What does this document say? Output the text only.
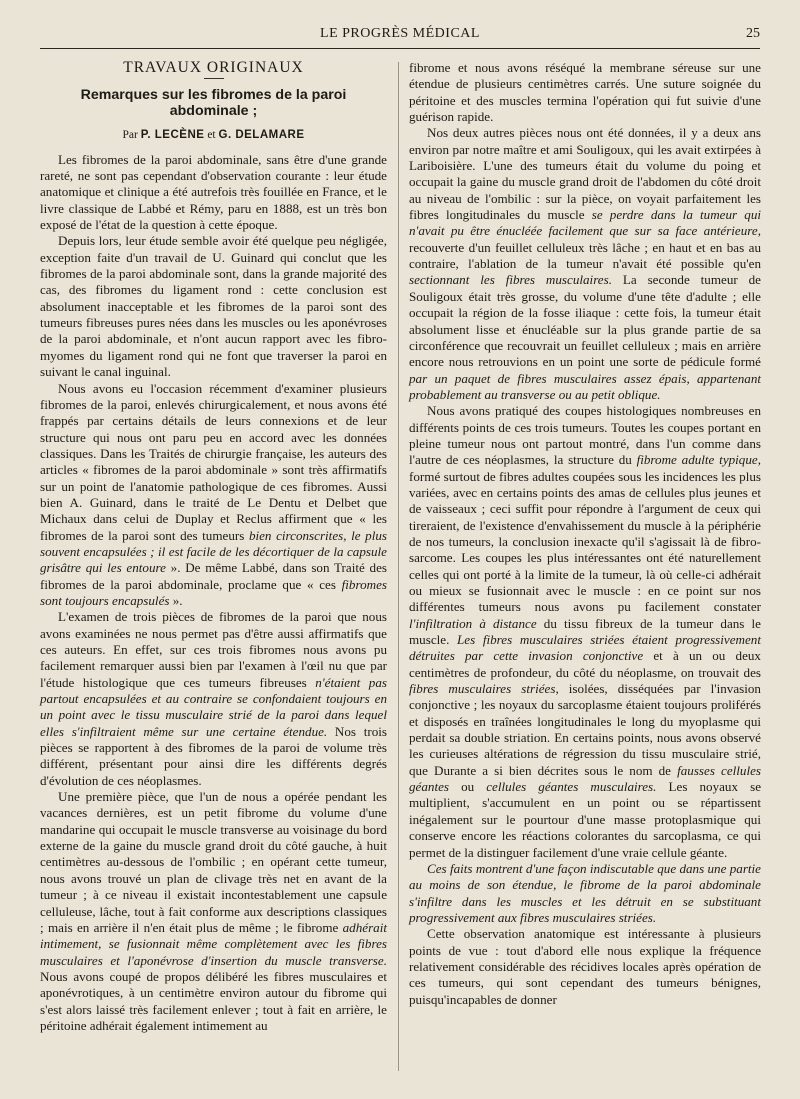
LE PROGRÈS MÉDICAL	25
TRAVAUX ORIGINAUX
Remarques sur les fibromes de la paroi
abdominale ;
Par P. LECÈNE et G. DELAMARE

Les fibromes de la paroi abdominale, sans être d'une grande rareté, ne sont pas cependant d'observation courante : leur étude anatomique et clinique a été autrefois très fouillée en France, et le livre classique de Labbé et Rémy, paru en 1888, est un très bon exposé de l'état de la question à cette époque.

Depuis lors, leur étude semble avoir été quelque peu négligée, exception faite d'un travail de U. Guinard qui conclut que les fibromes de la paroi abdominale sont, dans la grande majorité des cas, des fibromes du ligament rond : cette conclusion est absolument inacceptable et les fibromes de la paroi sont des tumeurs fibreuses pures nées dans les muscles ou les aponévroses de la paroi abdominale, et n'ont aucun rapport avec les fibro-myomes du ligament rond qui ne font que traverser la paroi en suivant le canal inguinal.

Nous avons eu l'occasion récemment d'examiner plusieurs fibromes de la paroi, enlevés chirurgicalement, et nous avons été frappés par certains détails de leurs connexions et de leur structure qui nous ont paru peu en accord avec les données classiques. Dans les Traités de chirurgie française, les auteurs des articles « fibromes de la paroi abdominale » sont très affirmatifs sur un point de l'anatomie pathologique de ces fibromes. Aussi bien A. Guinard, dans le traité de Le Dentu et Delbet que Michaux dans celui de Duplay et Reclus affirment que « les fibromes de la paroi sont des tumeurs bien circonscrites, le plus souvent encapsulées ; il est facile de les décortiquer de la capsule grisâtre qui les entoure ». De même Labbé, dans son Traité des fibromes de la paroi abdominale, proclame que « ces fibromes sont toujours encapsulés ».

L'examen de trois pièces de fibromes de la paroi que nous avons examinées ne nous permet pas d'être aussi affirmatifs que ces auteurs. En effet, sur ces trois fibromes nous avons pu facilement remarquer aussi bien par l'examen à l'œil nu que par l'étude histologique que ces tumeurs fibreuses n'étaient pas partout encapsulées et au contraire se confondaient toujours en un point avec le tissu musculaire strié de la paroi dans lequel elles s'infiltraient même sur une certaine étendue. Nos trois pièces se rapportent à des fibromes de la paroi de volume très différent, présentant pour ainsi dire les différents degrés d'évolution de ces néoplasmes.

Une première pièce, que l'un de nous a opérée pendant les vacances dernières, est un petit fibrome du volume d'une mandarine qui occupait le muscle transverse au voisinage du bord externe de la gaine du muscle grand droit du côté gauche, à huit centimètres au-dessous de l'ombilic ; en opérant cette tumeur, nous avons trouvé un plan de clivage très net en avant de la tumeur ; à ce niveau il existait incontestablement une capsule celluleuse, lâche, tout à fait conforme aux descriptions classiques ; mais en arrière il n'en était plus de même ; le fibrome adhérait intimement, se fusionnait même complètement avec les fibres musculaires et l'aponévrose d'insertion du muscle transverse. Nous avons coupé de propos délibéré les fibres musculaires et aponévrotiques, à un centimètre environ autour du fibrome qui s'est alors laissé très facilement enlever ; tout à fait en arrière, le péritoine adhérait également intimement au

fibrome et nous avons réséqué la membrane séreuse sur une étendue de plusieurs centimètres carrés. Une suture soignée du péritoine et des muscles termina l'opération qui fut suivie d'une guérison rapide.

Nos deux autres pièces nous ont été données, il y a deux ans environ par notre maître et ami Souligoux, qui les avait extirpées à Lariboisière. L'une des tumeurs était du volume du poing et occupait la gaine du muscle grand droit de l'abdomen du côté droit au niveau de l'ombilic : sur la pièce, on voyait parfaitement les fibres longitudinales du muscle se perdre dans la tumeur qui n'avait pu être énucléée facilement que sur sa face antérieure, recouverte d'un feuillet celluleux très lâche ; en haut et en bas au contraire, l'ablation de la tumeur n'avait été possible qu'en sectionnant les fibres musculaires. La seconde tumeur de Souligoux était très grosse, du volume d'une tête d'adulte ; elle occupait la région de la fosse iliaque : cette fois, la tumeur était absolument lisse et énucléable sur la plus grande partie de sa circonférence que recouvrait un feuillet celluleux ; mais en arrière encore nous retrouvions en un point une sorte de pédicule formé par un paquet de fibres musculaires assez épais, appartenant probablement au transverse ou au petit oblique.

Nous avons pratiqué des coupes histologiques nombreuses en différents points de ces trois tumeurs. Toutes les coupes portant en pleine tumeur nous ont partout montré, dans l'un comme dans l'autre de ces néoplasmes, la structure du fibrome adulte typique, formé surtout de fibres adultes coupées sous les incidences les plus variées, avec en certains points des amas de cellules plus jeunes et de vaisseaux ; ceci suffit pour répondre à l'argument de ceux qui tireraient, de l'existence d'envahissement du muscle à la périphérie de nos tumeurs, la conclusion inexacte qu'il s'agissait là de fibro-sarcome. Les coupes les plus intéressantes ont été naturellement celles qui ont porté à la limite de la tumeur, là où celle-ci adhérait ou mieux se fusionnait avec le muscle : en ce point sur nos différentes tumeurs nous avons pu facilement constater l'infiltration à distance du tissu fibreux de la tumeur dans le muscle. Les fibres musculaires striées étaient progressivement détruites par cette invasion conjonctive et à un ou deux centimètres de profondeur, du côté du néoplasme, on trouvait des fibres musculaires striées, isolées, disséquées par l'invasion conjonctive ; les noyaux du sarcoplasme étaient toujours proliférés et disposés en traînées longitudinales le long du myoplasme qui perdait sa double striation. En certains points, nous avons observé les curieuses altérations de régression du tissu musculaire strié, que Durante a si bien décrites sous le nom de fausses cellules géantes ou cellules géantes musculaires. Les noyaux se multiplient, s'accumulent en un point ou se répartissent inégalement sur le pourtour d'une masse protoplasmique qui conserve encore les réactions colorantes du sarcoplasma, ce qui permet de la distinguer facilement d'une vraie cellule géante.

Ces faits montrent d'une façon indiscutable que dans une partie au moins de son étendue, le fibrome de la paroi abdominale s'infiltre dans les muscles et les détruit en se substituant progressivement aux fibres musculaires striées.

Cette observation anatomique est intéressante à plusieurs points de vue : tout d'abord elle nous explique la fréquence relativement considérable des récidives locales après opération de ces tumeurs, qui sont cependant des tumeurs bénignes, puisqu'incapables de donner
